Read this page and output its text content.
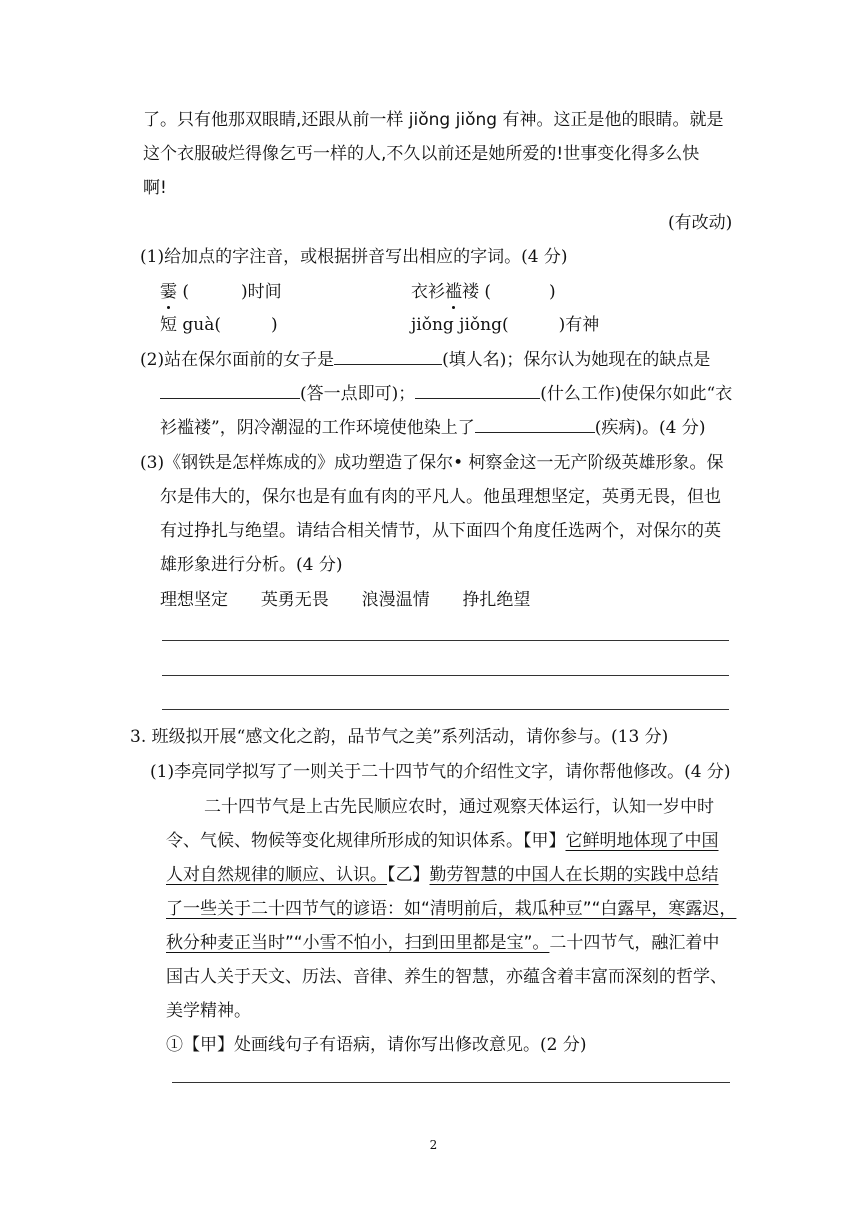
了。只有他那双眼睛,还跟从前一样 jiǒng jiǒng 有神。这正是他的眼睛。就是
这个衣服破烂得像乞丐一样的人,不久以前还是她所爱的!世事变化得多么快
啊!
(有改动)
(1)给加点的字注音，或根据拼音写出相应的字词。(4 分)
霎 (	)时间	衣衫褴褛 (	)
短 guà(	)	jiǒng jiǒng(	)有神
(2)站在保尔面前的女子是	(填人名)；保尔认为她现在的缺点是
(答一点即可)；	(什么工作)使保尔如此“衣
衫褴褛”，阴冷潮湿的工作环境使他染上了	(疾病)。(4 分)
(3)《钢铁是怎样炼成的》成功塑造了保尔• 柯察金这一无产阶级英雄形象。保
尔是伟大的，保尔也是有血有肉的平凡人。他虽理想坚定，英勇无畏，但也
有过挣扎与绝望。请结合相关情节，从下面四个角度任选两个，对保尔的英
雄形象进行分析。(4 分)
理想坚定 英勇无畏 浪漫温情 挣扎绝望
3. 班级拟开展“感文化之韵，品节气之美”系列活动，请你参与。(13 分)
(1)李亮同学拟写了一则关于二十四节气的介绍性文字，请你帮他修改。(4 分)
二十四节气是上古先民顺应农时，通过观察天体运行，认知一岁中时
令、气候、物候等变化规律所形成的知识体系。【甲】它鲜明地体现了中国
人对自然规律的顺应、认识。【乙】勤劳智慧的中国人在长期的实践中总结
了一些关于二十四节气的谚语：如“清明前后，栽瓜种豆”“白露早，寒露迟，
秋分种麦正当时”“小雪不怕小，扫到田里都是宝”。二十四节气，融汇着中
国古人关于天文、历法、音律、养生的智慧，亦蕴含着丰富而深刻的哲学、
美学精神。
①【甲】处画线句子有语病，请你写出修改意见。(2 分)
2
